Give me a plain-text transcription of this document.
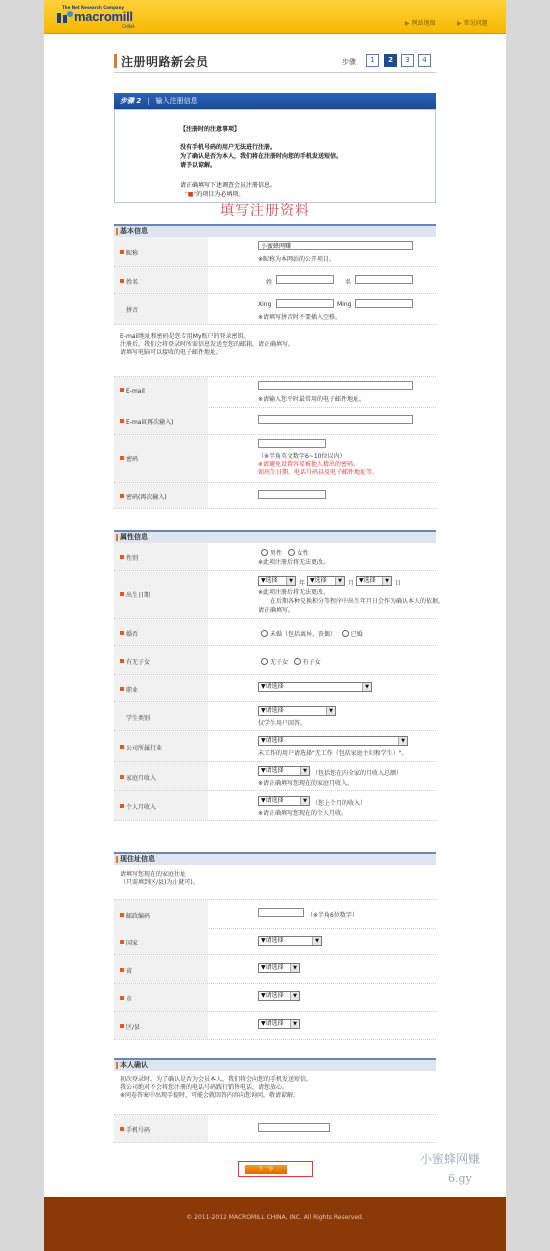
The Net Research Company
macromill
CHINA	▶ 网站地图	▶ 常见问题
注册明路新会员	步骤	1	2	3	4
步骤 2 | 输入注册信息
【注册时的注意事项】
没有手机号码的用户无法进行注册。
为了确认是否为本人，我们将在注册时向您的手机发送短信。
请予以谅解。
请正确填写下述调查会员注册信息。
"■"的项目为必填项。
填写注册资料
基本信息
昵称
小蜜蜂网赚
※昵称为本网站的公开项目。
姓名	姓	名
拼音
Xing	Ming
※请填写拼音时不要插入空格。
E-mail地址和密码是您专用My账户的登录密钥。
注册后，我们会将登录时所需信息发送至您的邮箱，请正确填写。
请填写电脑可以接收的电子邮件地址。
E-mail
※请输入您平时最常用的电子邮件地址。
E-mail(再次输入)
密码	（※半角英文数字6~10位以内）
※请避免设置容易被他人猜出的密码。
如出生日期，电话号码以及电子邮件地址等。
密码(再次输入)
属性信息
性别
男性 女性
※此项注册后将无法更改。
出生日期
▼选择	▼	年 ▼选择	▼	月 ▼选择	▼	日
※此项注册后将无法更改。
在后期各种兑换积分等程序中出生年月日会作为确认本人的依据，
请正确填写。
婚否	未婚（包括离异、丧偶） 已婚
有无子女	无子女 有子女
职业
▼请选择	▼
学生类别
▼请选择	▼
仅学生用户回答。
公司所属行业
▼请选择	▼
未工作的用户请选择"无工作（包括家庭主妇和学生）"。
家庭月收入
▼请选择	▼ （包括您在内全家的月收入总额）
※请正确填写您现在的家庭月收入。
个人月收入
▼请选择	▼ （您上个月的收入）
※请正确填写您现在的个人月收。
现住址信息
请填写您现在的家庭住址
（只需填到区/县)为止就可)。
邮政编码	（※半角6位数字）
国家	▼请选择	▼
省
▼请选择	▼
市
▼请选择	▼
区/县
▼请选择	▼
本人确认
初次登录时，为了确认是否为会员本人，我们将会向您的手机发送短信。
我公司绝对不会将您注册的电话号码践行销售电话，请您放心。
※问卷答案中出现手提时，可能会就回答内容向您询问，敬请谅解。
手机号码
下一步
© 2011-2012 MACROMILL CHINA, INC. All Rights Reserved.
小蜜蜂网赚
6.gy
